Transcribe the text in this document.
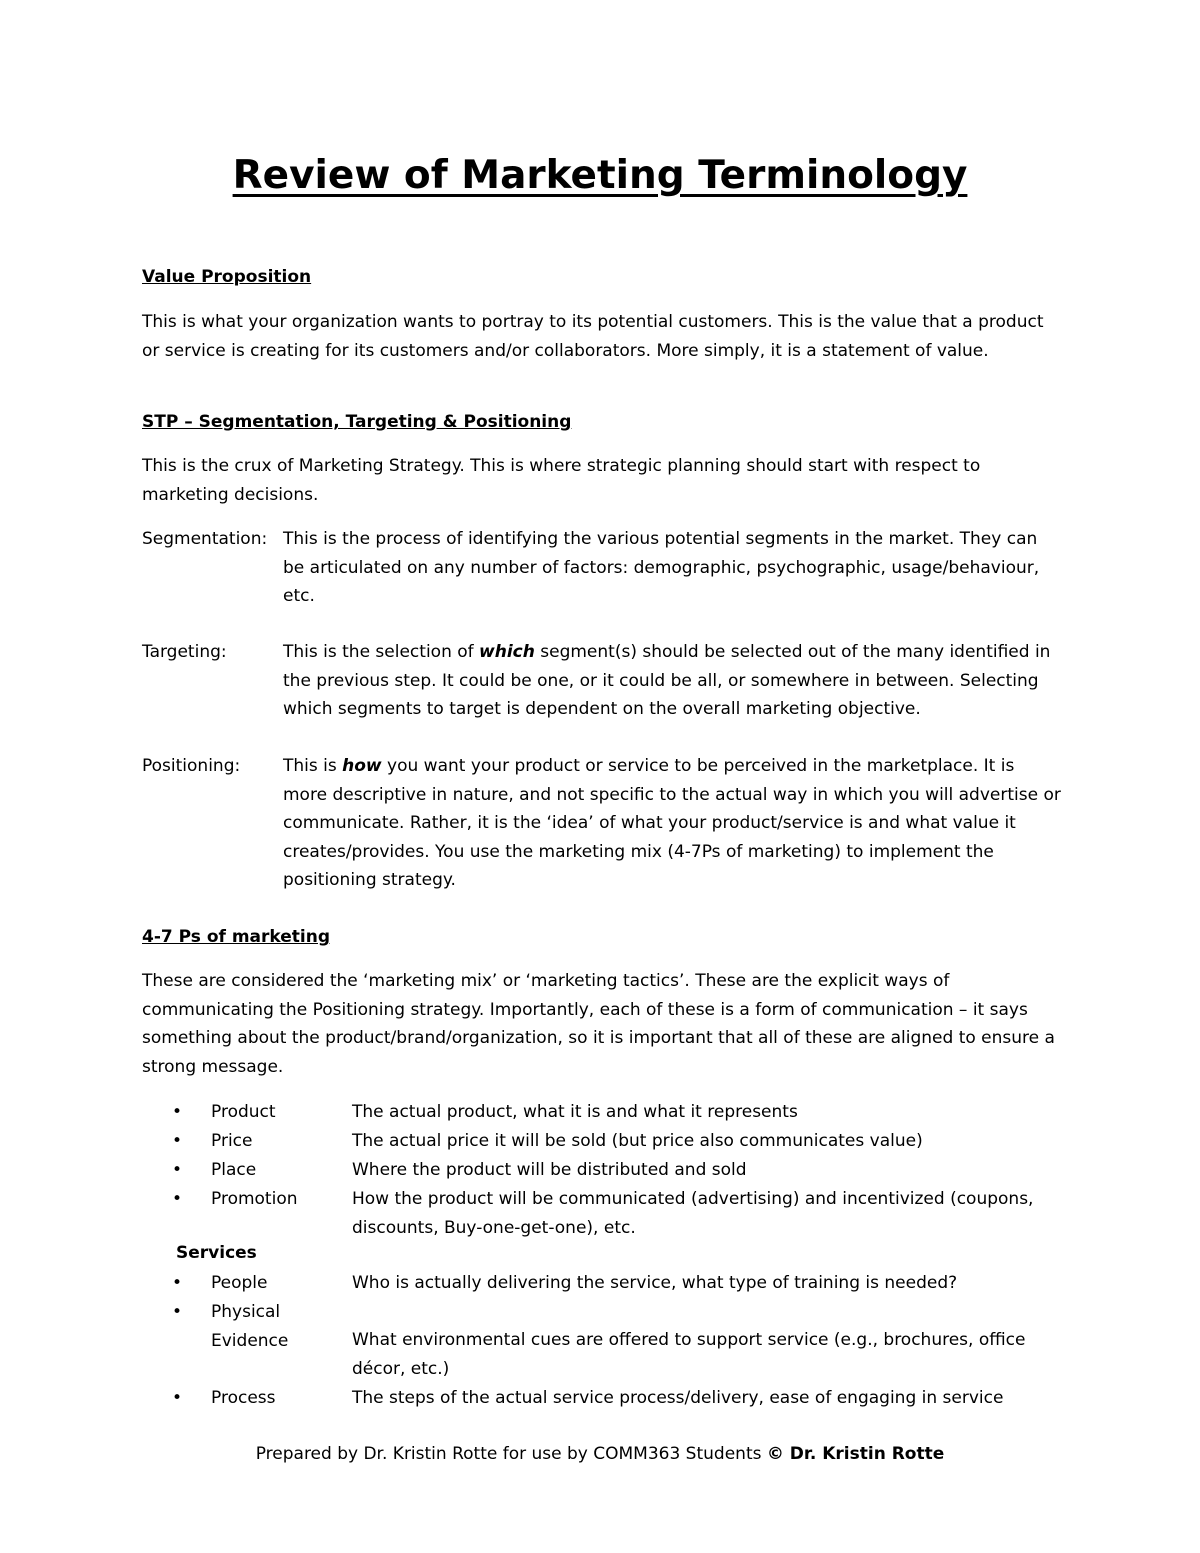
Review of Marketing Terminology
Value Proposition
This is what your organization wants to portray to its potential customers. This is the value that a product or service is creating for its customers and/or collaborators. More simply, it is a statement of value.
STP – Segmentation, Targeting & Positioning
This is the crux of Marketing Strategy. This is where strategic planning should start with respect to marketing decisions.
Segmentation: This is the process of identifying the various potential segments in the market. They can be articulated on any number of factors: demographic, psychographic, usage/behaviour, etc.
Targeting:	This is the selection of which segment(s) should be selected out of the many identified in the previous step. It could be one, or it could be all, or somewhere in between. Selecting which segments to target is dependent on the overall marketing objective.
Positioning:	This is how you want your product or service to be perceived in the marketplace. It is more descriptive in nature, and not specific to the actual way in which you will advertise or communicate. Rather, it is the ‘idea’ of what your product/service is and what value it creates/provides. You use the marketing mix (4-7Ps of marketing) to implement the positioning strategy.
4-7 Ps of marketing
These are considered the ‘marketing mix’ or ‘marketing tactics’. These are the explicit ways of communicating the Positioning strategy. Importantly, each of these is a form of communication – it says something about the product/brand/organization, so it is important that all of these are aligned to ensure a strong message.
• Product	The actual product, what it is and what it represents
• Price	The actual price it will be sold (but price also communicates value)
• Place	Where the product will be distributed and sold
• Promotion	How the product will be communicated (advertising) and incentivized (coupons, discounts, Buy-one-get-one), etc.
Services
• People	Who is actually delivering the service, what type of training is needed?
• Physical Evidence	What environmental cues are offered to support service (e.g., brochures, office décor, etc.)
• Process	The steps of the actual service process/delivery, ease of engaging in service
Prepared by Dr. Kristin Rotte for use by COMM363 Students © Dr. Kristin Rotte
